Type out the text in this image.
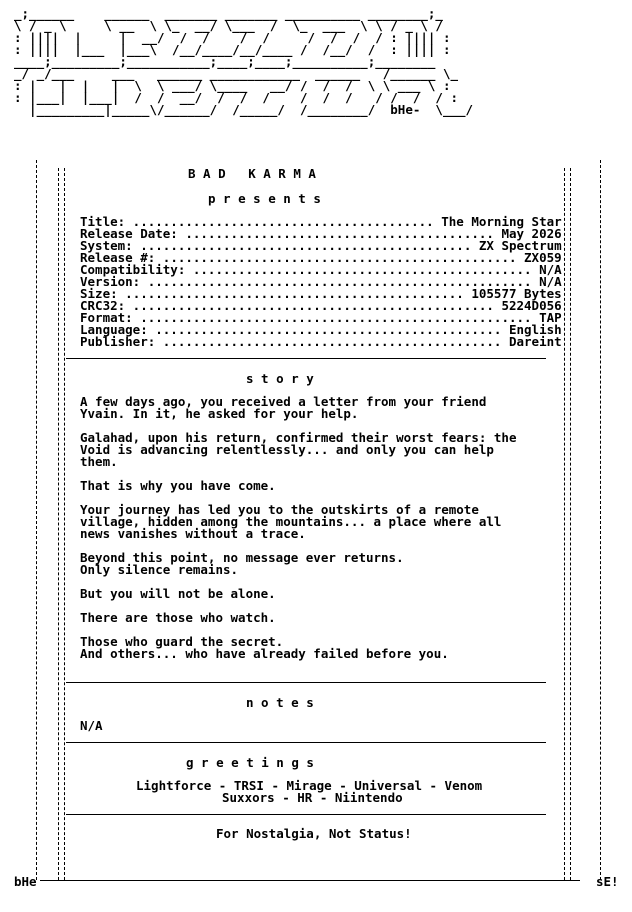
_;______    ______  _______ _______ __________ ________;_
\ / _ \     \ __  \ \_  __/ \___  /  \_  ___  \ \ / _ \ /
: ||||  |     |  __/  /  /    /  /     /  /  /  / : |||| :
: ||||  |___  |___\  /__/____/__/____ /  /__/  /  : |||| :
____;_________;___________;____;____;__________;________
_/ _/___     ___   ______ ____________  ______   /______ \_
: |   |  |   |  \  \ ___/ \____   __/ /  /  /  \ \ ___ \ :
: |___|  |___|  /  /  __/  /  /  /    /  /  /   / /  /  / :
|_________|_____\/______/  /_____/  /________/  bHe-  \___/
B A D   K A R M A
p r e s e n t s
Title: ........................................ The Morning Star
Release Date: ......................................... May 2026
System: ............................................ ZX Spectrum
Release #: ............................................... ZX059
Compatibility: ............................................. N/A
Version: ................................................... N/A
Size: ............................................. 105577 Bytes
CRC32: ................................................ 5224D056
Format: .................................................... TAP
Language: .............................................. English
Publisher: ............................................. Dareint
s t o r y
A few days ago, you received a letter from your friend
Yvain. In it, he asked for your help.
Galahad, upon his return, confirmed their worst fears: the
Void is advancing relentlessly... and only you can help
them.
That is why you have come.
Your journey has led you to the outskirts of a remote
village, hidden among the mountains... a place where all
news vanishes without a trace.
Beyond this point, no message ever returns.
Only silence remains.
But you will not be alone.
There are those who watch.
Those who guard the secret.
And others... who have already failed before you.
n o t e s
N/A
g r e e t i n g s
Lightforce - TRSI - Mirage - Universal - Venom
Suxxors - HR - Niintendo
For Nostalgia, Not Status!
bHe	sE!
